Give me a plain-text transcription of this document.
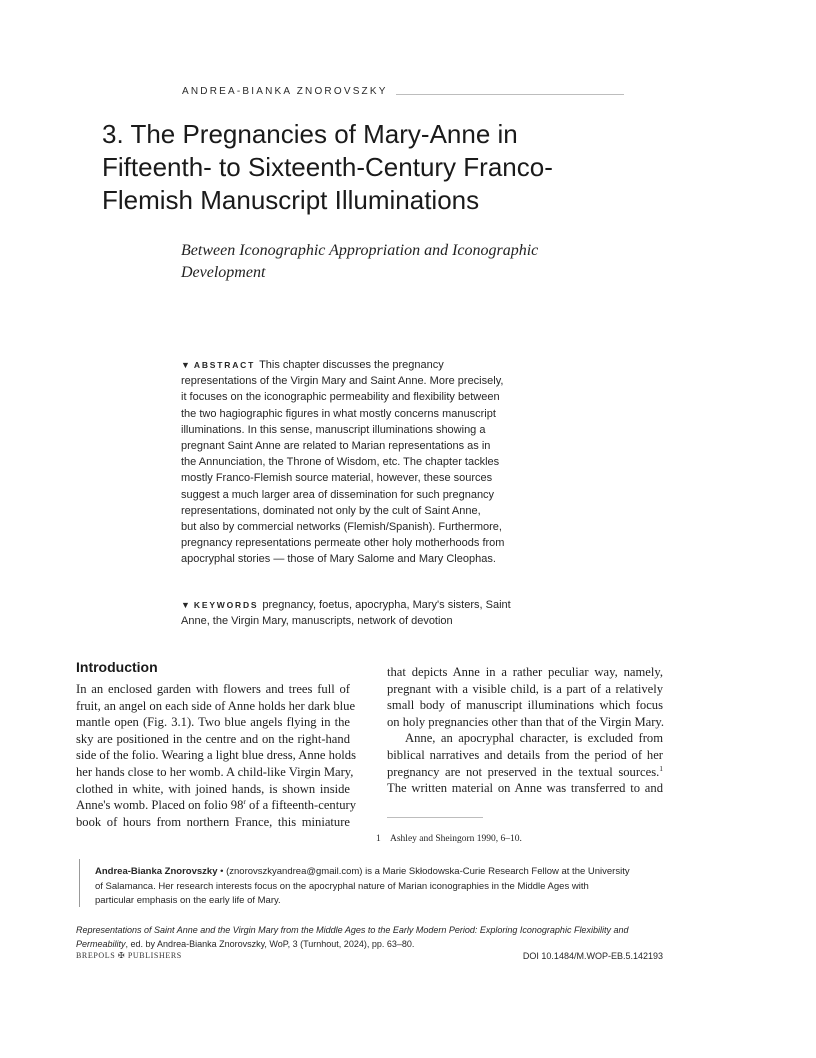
ANDREA-BIANKA ZNOROVSZKY
3. The Pregnancies of Mary-Anne in
Fifteenth- to Sixteenth-Century Franco-
Flemish Manuscript Illuminations
Between Iconographic Appropriation and Iconographic
Development
▼ ABSTRACT This chapter discusses the pregnancy
representations of the Virgin Mary and Saint Anne. More precisely,
it focuses on the iconographic permeability and flexibility between
the two hagiographic figures in what mostly concerns manuscript
illuminations. In this sense, manuscript illuminations showing a
pregnant Saint Anne are related to Marian representations as in
the Annunciation, the Throne of Wisdom, etc. The chapter tackles
mostly Franco-Flemish source material, however, these sources
suggest a much larger area of dissemination for such pregnancy
representations, dominated not only by the cult of Saint Anne,
but also by commercial networks (Flemish/Spanish). Furthermore,
pregnancy representations permeate other holy motherhoods from
apocryphal stories — those of Mary Salome and Mary Cleophas.
▼ KEYWORDS pregnancy, foetus, apocrypha, Mary's sisters, Saint
Anne, the Virgin Mary, manuscripts, network of devotion
Introduction
In an enclosed garden with flowers and trees full of
fruit, an angel on each side of Anne holds her dark blue
mantle open (Fig. 3.1). Two blue angels flying in the
sky are positioned in the centre and on the right-hand
side of the folio. Wearing a light blue dress, Anne holds
her hands close to her womb. A child-like Virgin Mary,
clothed in white, with joined hands, is shown inside
Anne's womb. Placed on folio 98$^r$ of a fifteenth-century
book of hours from northern France, this miniature
that depicts Anne in a rather peculiar way, namely,
pregnant with a visible child, is a part of a relatively
small body of manuscript illuminations which focus
on holy pregnancies other than that of the Virgin Mary.
Anne, an apocryphal character, is excluded from
biblical narratives and details from the period of her
pregnancy are not preserved in the textual sources.$^1$
The written material on Anne was transferred to and
1 Ashley and Sheingorn 1990, 6–10.
Andrea-Bianka Znorovszky • (znorovszkyandrea@gmail.com) is a Marie Skłodowska-Curie Research Fellow at the University
of Salamanca. Her research interests focus on the apocryphal nature of Marian iconographies in the Middle Ages with
particular emphasis on the early life of Mary.
Representations of Saint Anne and the Virgin Mary from the Middle Ages to the Early Modern Period: Exploring Iconographic Flexibility and
Permeability, ed. by Andrea-Bianka Znorovszky, WoP, 3 (Turnhout, 2024), pp. 63–80.
BREPOLS ✠ PUBLISHERS	DOI 10.1484/M.WOP-EB.5.142193
